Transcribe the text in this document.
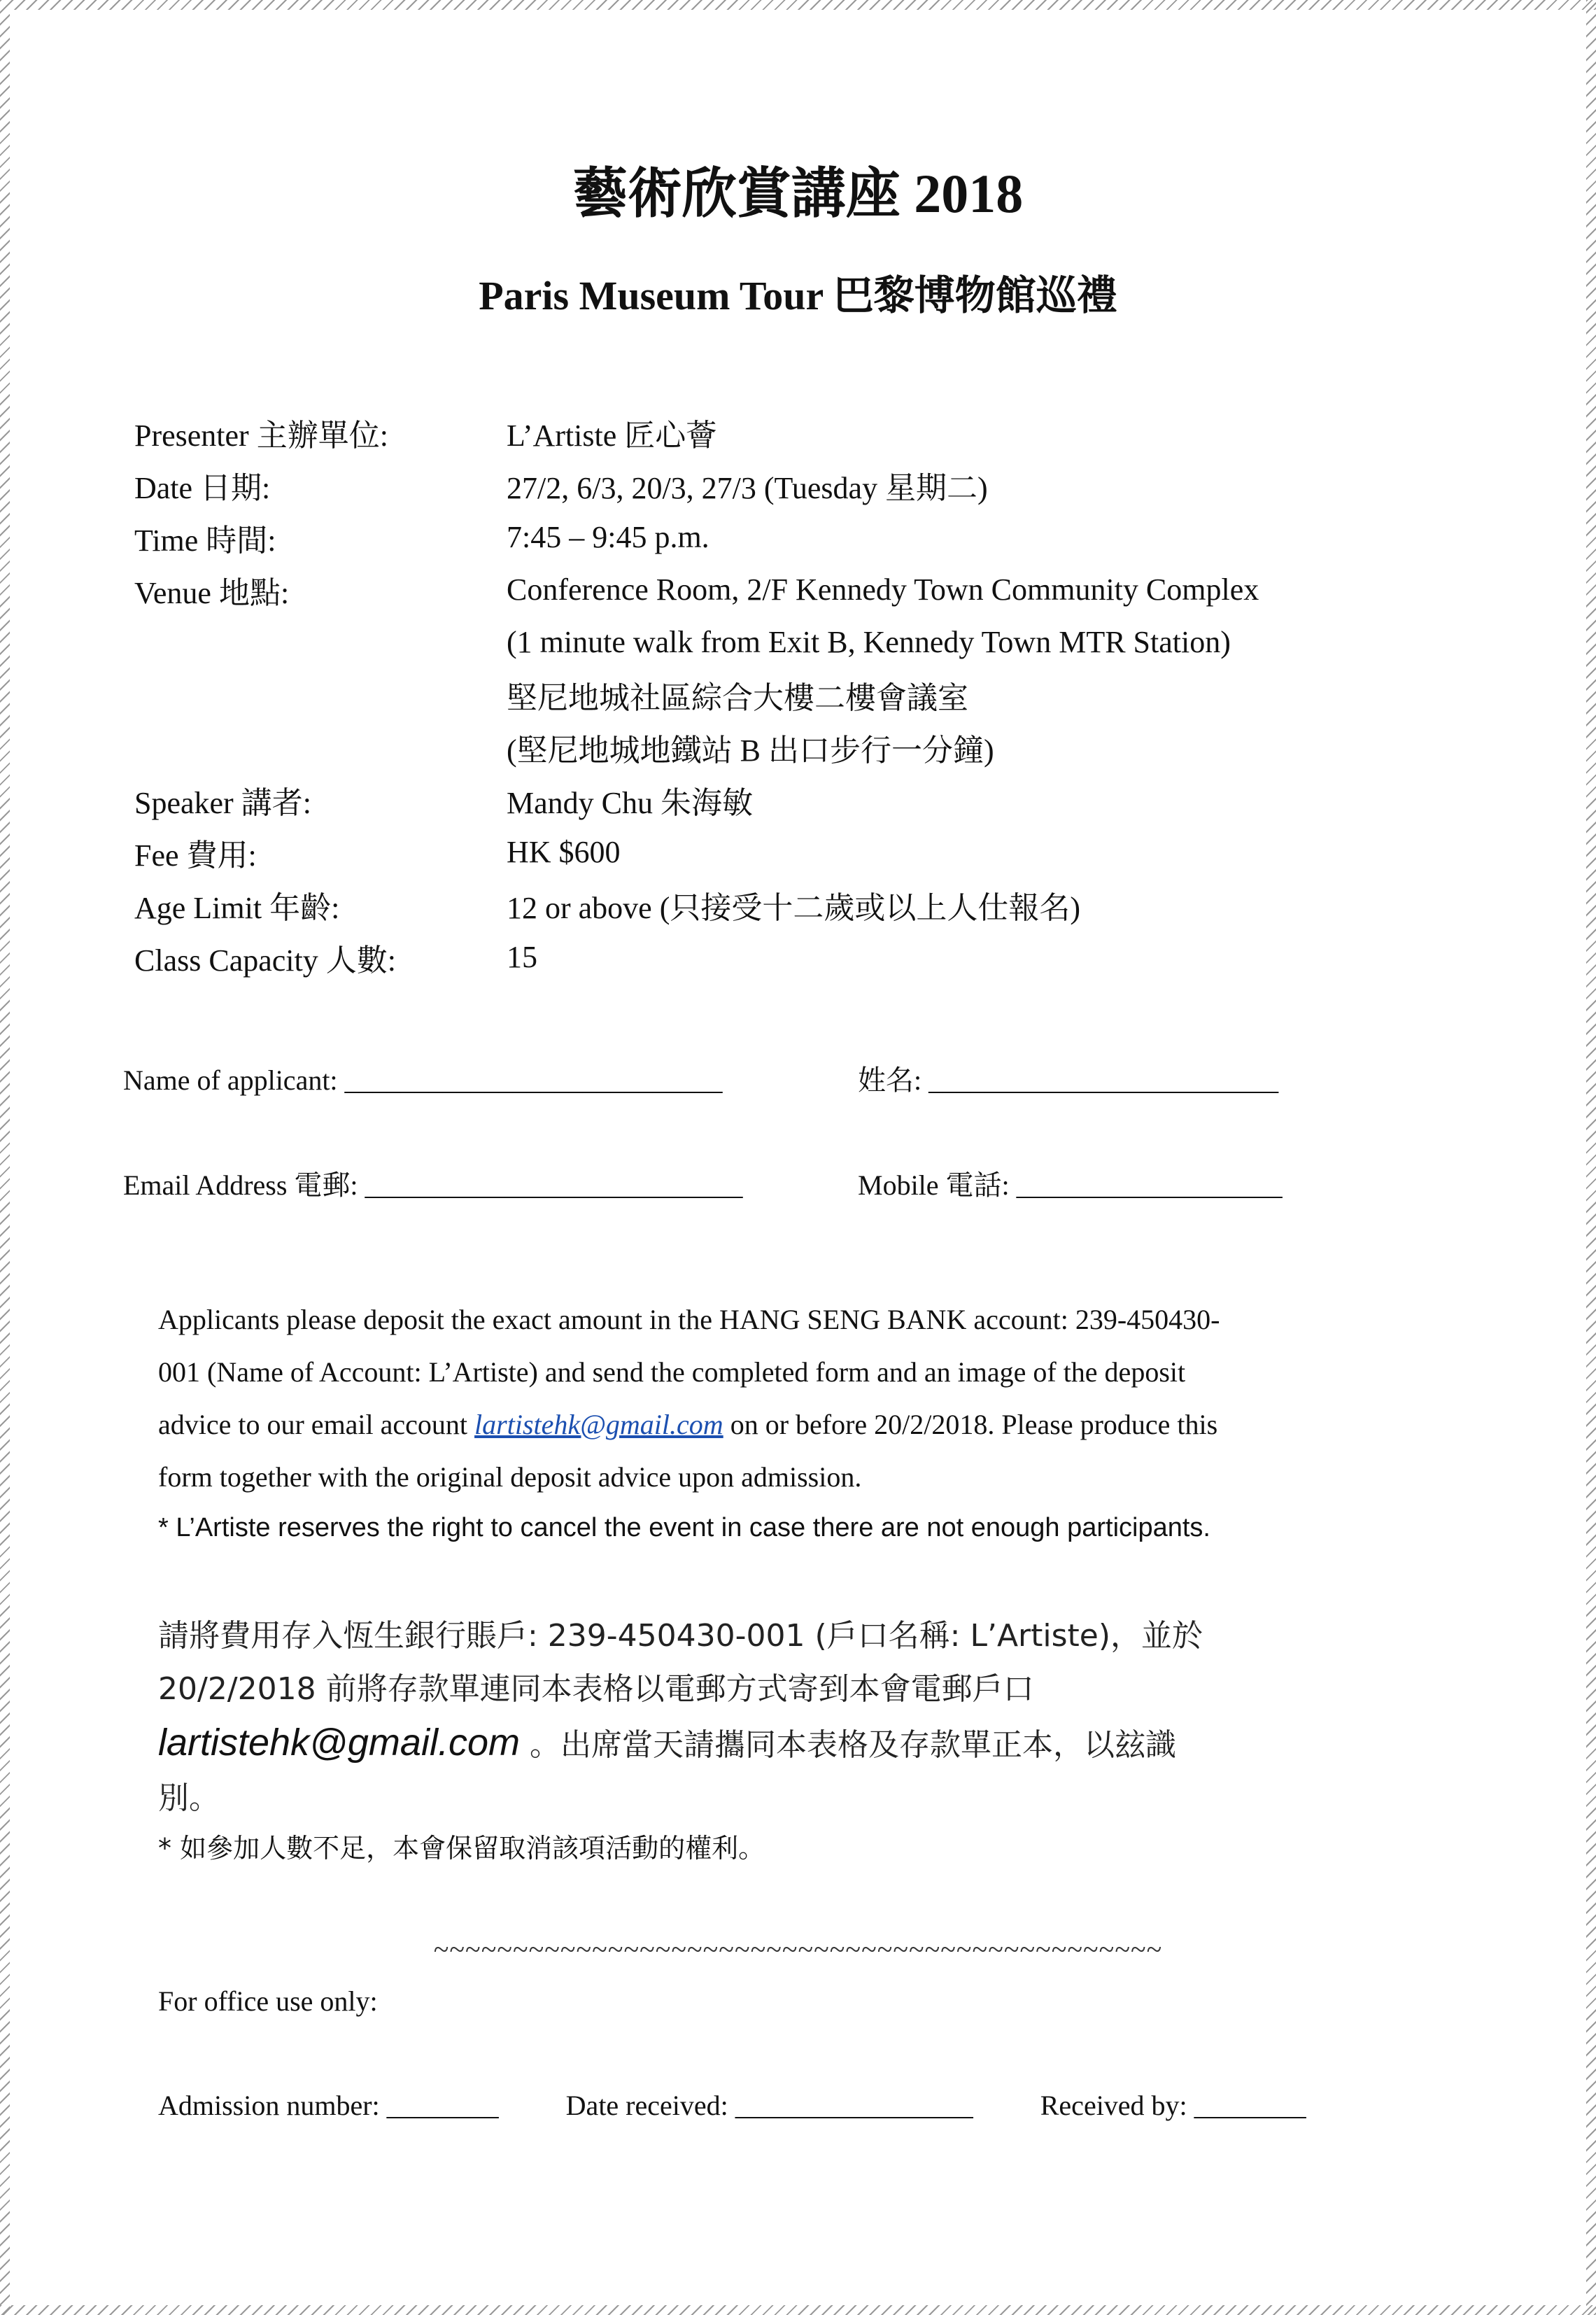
藝術欣賞講座 2018
Paris Museum Tour 巴黎博物館巡禮
Presenter 主辦單位:	L’Artiste 匠心薈
Date 日期:	27/2, 6/3, 20/3, 27/3 (Tuesday 星期二)
Time 時間:	7:45 – 9:45 p.m.
Venue 地點:	Conference Room, 2/F Kennedy Town Community Complex
(1 minute walk from Exit B, Kennedy Town MTR Station)
堅尼地城社區綜合大樓二樓會議室
(堅尼地城地鐵站 B 出口步行一分鐘)
Speaker 講者:	Mandy Chu 朱海敏
Fee 費用:	HK $600
Age Limit 年齡:	12 or above (只接受十二歲或以上人仕報名)
Class Capacity 人數:	15
Name of applicant: ___________________________	姓名: _________________________
Email Address 電郵: ___________________________	Mobile 電話: ___________________
Applicants please deposit the exact amount in the HANG SENG BANK account: 239-450430-
001 (Name of Account: L’Artiste) and send the completed form and an image of the deposit
advice to our email account lartistehk@gmail.com on or before 20/2/2018. Please produce this
form together with the original deposit advice upon admission.
* L’Artiste reserves the right to cancel the event in case there are not enough participants.
請將費用存入恆生銀行賬戶: 239-450430-001 (戶口名稱: L’Artiste)，並於
20/2/2018 前將存款單連同本表格以電郵方式寄到本會電郵戶口
lartistehk@gmail.com 。出席當天請攜同本表格及存款單正本，以玆識
別。
* 如參加人數不足，本會保留取消該項活動的權利。
~~~~~~~~~~~~~~~~~~~~~~~~~~~~~~~~~~~~~~~~~~~~~~
For office use only:
Admission number: ________ Date received: _________________ Received by: ________
